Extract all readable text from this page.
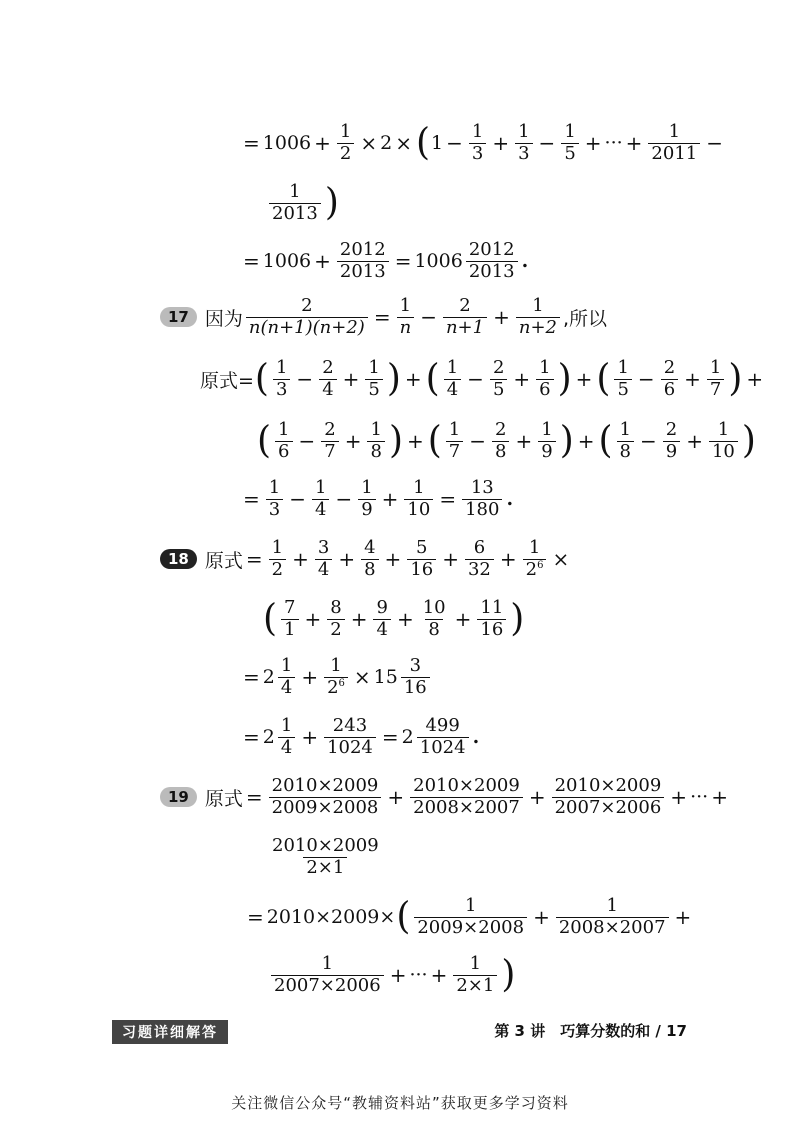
= $1006 + \frac{1}{2} \times 2$ × ( $1 - \frac{1}{3} + \frac{1}{3} - \frac{1}{5}$ + ··· + $\frac{1}{2011}$ −
$\frac{1}{2013}$ )
= $1006 + \frac{2012}{2013} = 1006 \frac{2012}{2013}$ .
17 因为 $\frac{2}{n(n+1)(n+2)} = \frac{1}{n} - \frac{2}{n+1} + \frac{1}{n+2}$ ,所以
原式= ( $\frac{1}{3} - \frac{2}{4} + \frac{1}{5}$ ) + ( $\frac{1}{4} - \frac{2}{5} + \frac{1}{6}$ ) + ( $\frac{1}{5} - \frac{2}{6} + \frac{1}{7}$ ) +
( $\frac{1}{6} - \frac{2}{7} + \frac{1}{8}$ ) + ( $\frac{1}{7} - \frac{2}{8} + \frac{1}{9}$ ) + ( $\frac{1}{8} - \frac{2}{9} + \frac{1}{10}$ )
= $\frac{1}{3} - \frac{1}{4} - \frac{1}{9} + \frac{1}{10} = \frac{13}{180}$ .
18 原式 = $\frac{1}{2} + \frac{3}{4} + \frac{4}{8} + \frac{5}{16} + \frac{6}{32} + \frac{1}{2^6}$ ×
( $\frac{7}{1} + \frac{8}{2} + \frac{9}{4} + \frac{10}{8} + \frac{11}{16}$ )
= $2 \frac{1}{4} + \frac{1}{2^6} \times 15 \frac{3}{16}$
= $2 \frac{1}{4} + \frac{243}{1024} = 2 \frac{499}{1024}$ .
19 原式 = $\frac{2010\times 2009}{2009\times 2008} + \frac{2010\times 2009}{2008\times 2007} + \frac{2010\times 2009}{2007\times 2006}$ + ··· +
$\frac{2010\times 2009}{2\times 1}$
= 2010×2009× ( $\frac{1}{2009\times 2008} + \frac{1}{2008\times 2007}$ +
$\frac{1}{2007\times 2006}$ + ··· + $\frac{1}{2\times 1}$ )
习题详细解答	第 3 讲　巧算分数的和 / 17
关注微信公众号“教辅资料站”获取更多学习资料
